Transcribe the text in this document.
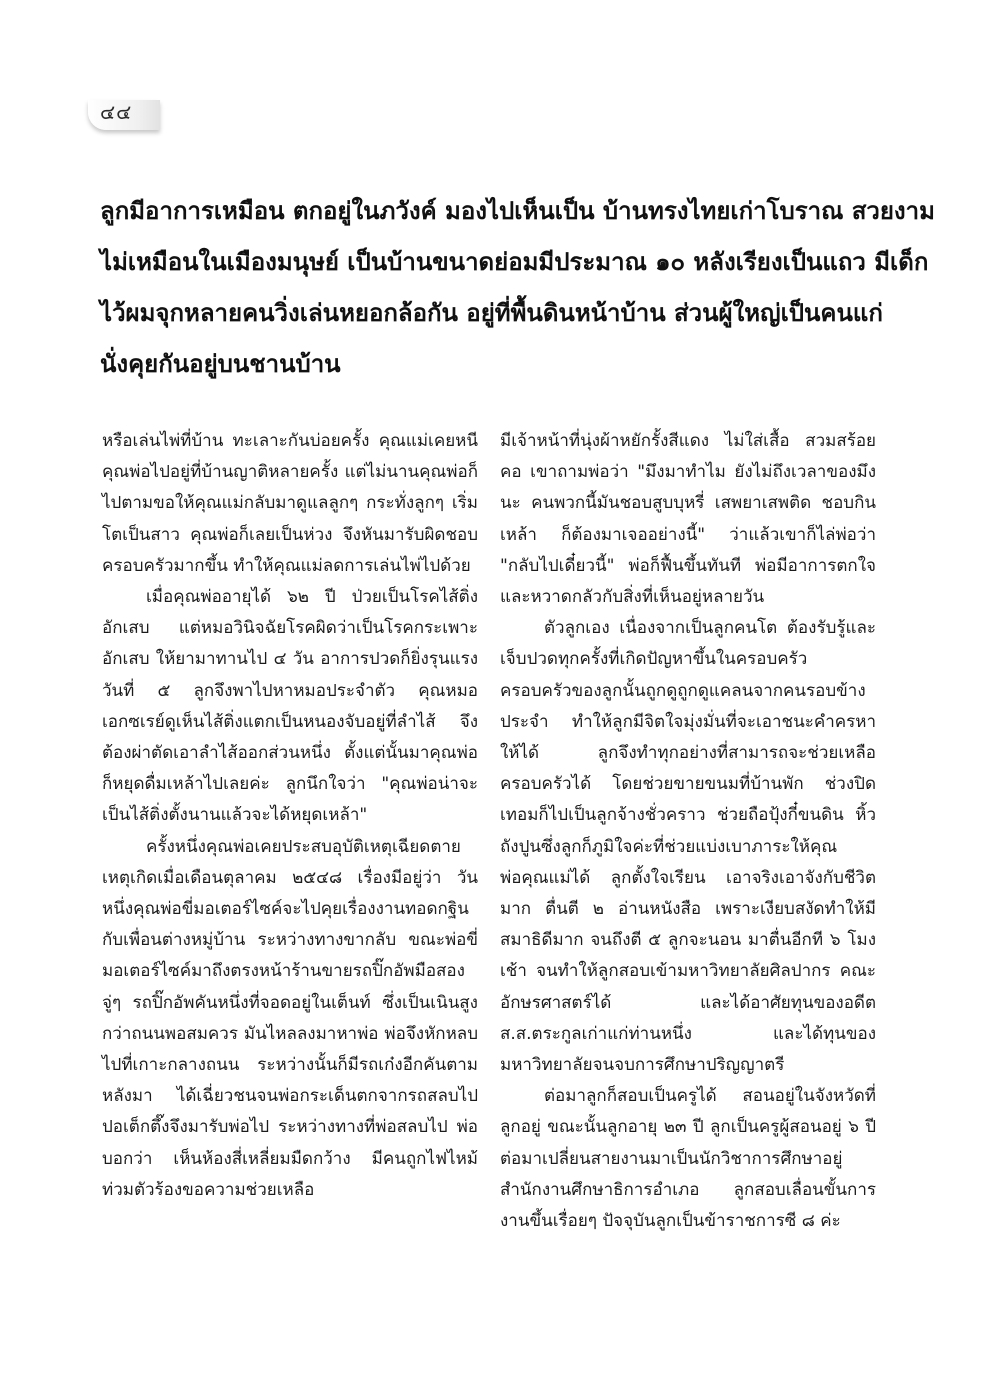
๔๔
ลูกมีอาการเหมือน ตกอยู่ในภวังค์ มองไปเห็นเป็น บ้านทรงไทยเก่าโบราณ สวยงาม
ไม่เหมือนในเมืองมนุษย์ เป็นบ้านขนาดย่อมมีประมาณ ๑๐ หลังเรียงเป็นแถว มีเด็ก
ไว้ผมจุกหลายคนวิ่งเล่นหยอกล้อกัน อยู่ที่พื้นดินหน้าบ้าน ส่วนผู้ใหญ่เป็นคนแก่
นั่งคุยกันอยู่บนชานบ้าน

หรือเล่นไพ่ที่บ้าน ทะเลาะกันบ่อยครั้ง คุณแม่เคยหนีคุณพ่อไปอยู่ที่บ้านญาติหลายครั้ง แต่ไม่นานคุณพ่อก็ไปตามขอให้คุณแม่กลับมาดูแลลูกๆ กระทั่งลูกๆ เริ่มโตเป็นสาว คุณพ่อก็เลยเป็นห่วง จึงหันมารับผิดชอบครอบครัวมากขึ้น ทำให้คุณแม่ลดการเล่นไพ่ไปด้วย

เมื่อคุณพ่ออายุได้ ๖๒ ปี ป่วยเป็นโรคไส้ติ่งอักเสบ แต่หมอวินิจฉัยโรคผิดว่าเป็นโรคกระเพาะอักเสบ ให้ยามาทานไป ๔ วัน อาการปวดก็ยิ่งรุนแรง วันที่ ๕ ลูกจึงพาไปหาหมอประจำตัว คุณหมอเอกซเรย์ดูเห็นไส้ติ่งแตกเป็นหนองจับอยู่ที่ลำไส้ จึงต้องผ่าตัดเอาลำไส้ออกส่วนหนึ่ง ตั้งแต่นั้นมาคุณพ่อก็หยุดดื่มเหล้าไปเลยค่ะ ลูกนึกใจว่า "คุณพ่อน่าจะเป็นไส้ติ่งตั้งนานแล้วจะได้หยุดเหล้า"

ครั้งหนึ่งคุณพ่อเคยประสบอุบัติเหตุเฉียดตาย เหตุเกิดเมื่อเดือนตุลาคม ๒๕๔๘ เรื่องมีอยู่ว่า วันหนึ่งคุณพ่อขี่มอเตอร์ไซค์จะไปคุยเรื่องงานทอดกฐินกับเพื่อนต่างหมู่บ้าน ระหว่างทางขากลับ ขณะพ่อขี่มอเตอร์ไซค์มาถึงตรงหน้าร้านขายรถปิ๊กอัพมือสองจู่ๆ รถปิ๊กอัพคันหนึ่งที่จอดอยู่ในเต็นท์ ซึ่งเป็นเนินสูงกว่าถนนพอสมควร มันไหลลงมาหาพ่อ พ่อจึงหักหลบไปที่เกาะกลางถนน ระหว่างนั้นก็มีรถเก๋งอีกคันตามหลังมา ได้เฉี่ยวชนจนพ่อกระเด็นตกจากรถสลบไป ปอเต็กตึ๊งจึงมารับพ่อไป ระหว่างทางที่พ่อสลบไป พ่อบอกว่า เห็นห้องสี่เหลี่ยมมืดกว้าง มีคนถูกไฟไหม้ท่วมตัวร้องขอความช่วยเหลือ

มีเจ้าหน้าที่นุ่งผ้าหยักรั้งสีแดง ไม่ใส่เสื้อ สวมสร้อยคอ เขาถามพ่อว่า "มึงมาทำไม ยังไม่ถึงเวลาของมึงนะ คนพวกนี้มันชอบสูบบุหรี่ เสพยาเสพติด ชอบกินเหล้า ก็ต้องมาเจออย่างนี้" ว่าแล้วเขาก็ไล่พ่อว่า "กลับไปเดี๋ยวนี้" พ่อก็ฟื้นขึ้นทันที พ่อมีอาการตกใจและหวาดกลัวกับสิ่งที่เห็นอยู่หลายวัน

ตัวลูกเอง เนื่องจากเป็นลูกคนโต ต้องรับรู้และเจ็บปวดทุกครั้งที่เกิดปัญหาขึ้นในครอบครัว ครอบครัวของลูกนั้นถูกดูถูกดูแคลนจากคนรอบข้างประจำ ทำให้ลูกมีจิตใจมุ่งมั่นที่จะเอาชนะคำครหาให้ได้ ลูกจึงทำทุกอย่างที่สามารถจะช่วยเหลือครอบครัวได้ โดยช่วยขายขนมที่บ้านพัก ช่วงปิดเทอมก็ไปเป็นลูกจ้างชั่วคราว ช่วยถือปุ้งกี๋ขนดิน หิ้วถังปูนซึ่งลูกก็ภูมิใจค่ะที่ช่วยแบ่งเบาภาระให้คุณพ่อคุณแม่ได้ ลูกตั้งใจเรียน เอาจริงเอาจังกับชีวิตมาก ตื่นตี ๒ อ่านหนังสือ เพราะเงียบสงัดทำให้มีสมาธิดีมาก จนถึงตี ๕ ลูกจะนอน มาตื่นอีกที ๖ โมงเช้า จนทำให้ลูกสอบเข้ามหาวิทยาลัยศิลปากร คณะอักษรศาสตร์ได้ และได้อาศัยทุนของอดีต ส.ส.ตระกูลเก่าแก่ท่านหนึ่ง และได้ทุนของมหาวิทยาลัยจนจบการศึกษาปริญญาตรี

ต่อมาลูกก็สอบเป็นครูได้ สอนอยู่ในจังหวัดที่ลูกอยู่ ขณะนั้นลูกอายุ ๒๓ ปี ลูกเป็นครูผู้สอนอยู่ ๖ ปี ต่อมาเปลี่ยนสายงานมาเป็นนักวิชาการศึกษาอยู่สำนักงานศึกษาธิการอำเภอ ลูกสอบเลื่อนขั้นการงานขึ้นเรื่อยๆ ปัจจุบันลูกเป็นข้าราชการซี ๘ ค่ะ
